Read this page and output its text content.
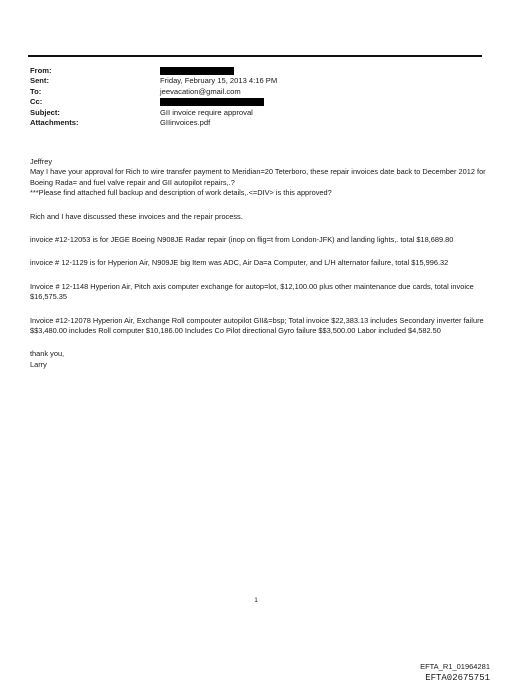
From:
Sent:	Friday, February 15, 2013 4:16 PM
To:	jeevacation@gmail.com
Cc:
Subject:	GII invoice require approval
Attachments:	GIIinvoices.pdf

Jeffrey

May I have your approval for Rich to wire transfer payment to Meridian=20 Teterboro, these repair invoices date back to December 2012 for Boeing Rada= and fuel valve repair and GII autopilot repairs,.?

***Please find attached full backup and description of work details,.<=DIV> is this approved?

Rich and I have discussed these invoices and the repair process.

invoice #12-12053 is for JEGE Boeing N908JE Radar repair (inop on flig=t from London-JFK) and landing lights,. total $18,689.80

invoice # 12-1129 is for Hyperion Air, N909JE big Item was ADC, Air Da=a Computer, and L/H alternator failure, total $15,996.32

Invoice # 12-1148 Hyperion Air, Pitch axis computer exchange for autop=lot, $12,100.00 plus other maintenance due cards, total invoice $16,575.35

Invoice #12-12078 Hyperion Air, Exchange Roll compouter autopilot GII&=bsp; Total invoice $22,383.13 includes Secondary inverter failure $$3,480.00 includes Roll computer $10,186.00 Includes Co Pilot directional Gyro failure $$3,500.00 Labor included $4,582.50

thank you,

Larry

1
EFTA_R1_01964281
EFTA02675751
